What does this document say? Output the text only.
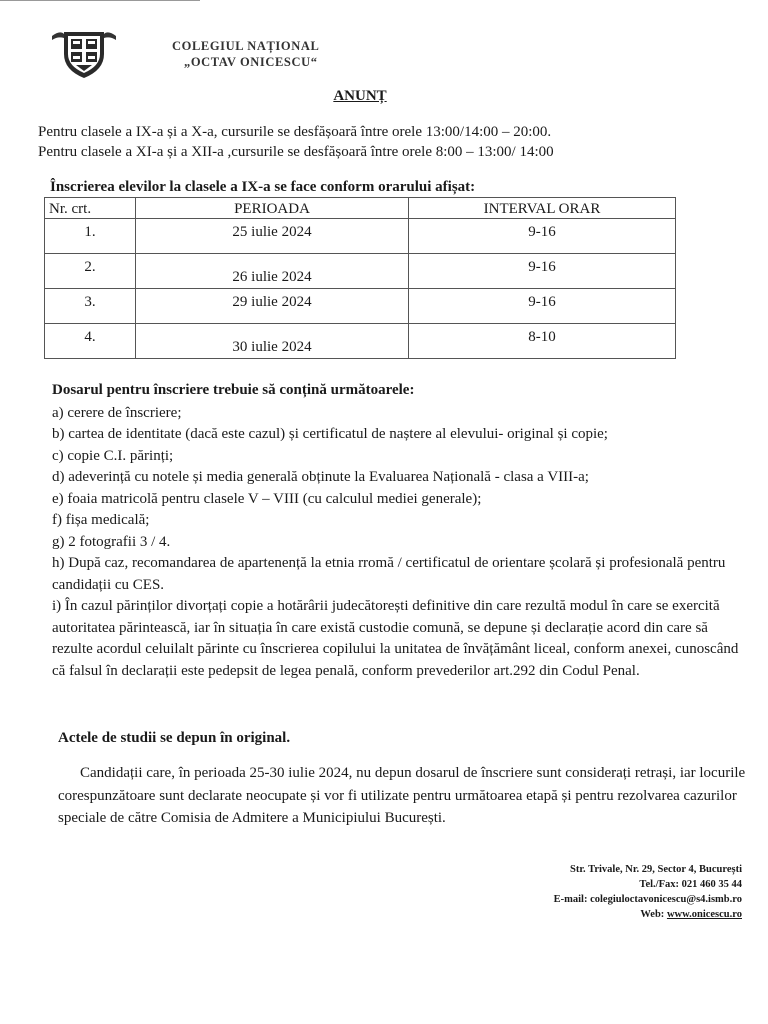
COLEGIUL NAȚIONAL
„OCTAV ONICESCU“
ANUNȚ
Pentru clasele a IX-a și a X-a, cursurile se desfășoară între orele 13:00/14:00 – 20:00.
Pentru clasele a XI-a și a XII-a ,cursurile se desfășoară între orele 8:00 – 13:00/ 14:00
Înscrierea elevilor la clasele a IX-a se face conform orarului afișat:
Nr. crt.	PERIOADA	INTERVAL ORAR
1.	25 iulie 2024	9-16
2.	26 iulie 2024	9-16
3.	29 iulie 2024	9-16
4.	30 iulie 2024	8-10
Dosarul pentru înscriere trebuie să conțină următoarele:

a) cerere de înscriere;

b) cartea de identitate (dacă este cazul) și certificatul de naștere al elevului- original și copie;

c) copie C.I. părinți;

d) adeverință cu notele și media generală obținute la Evaluarea Națională - clasa a VIII-a;

e) foaia matricolă pentru clasele V – VIII (cu calculul mediei generale);

f) fișa medicală;

g) 2 fotografii 3 / 4.

h) După caz, recomandarea de apartenență la etnia rromă / certificatul de orientare școlară și profesională pentru candidații cu CES.

i) În cazul părinților divorțați copie a hotărârii judecătorești definitive din care rezultă modul în care se exercită autoritatea părintească, iar în situația în care există custodie comună, se depune și declarație acord din care să rezulte acordul celuilalt părinte cu înscrierea copilului la unitatea de învățământ liceal, conform anexei, cunoscând că falsul în declarații este pedepsit de legea penală, conform prevederilor art.292 din Codul Penal.

Actele de studii se depun în original.
Candidații care, în perioada 25-30 iulie 2024, nu depun dosarul de înscriere sunt considerați retrași, iar locurile corespunzătoare sunt declarate neocupate și vor fi utilizate pentru următoarea etapă și pentru rezolvarea cazurilor speciale de către Comisia de Admitere a Municipiului București.
Str. Trivale, Nr. 29, Sector 4, București
Tel./Fax: 021 460 35 44
E-mail: colegiuloctavonicescu@s4.ismb.ro
Web: www.onicescu.ro
